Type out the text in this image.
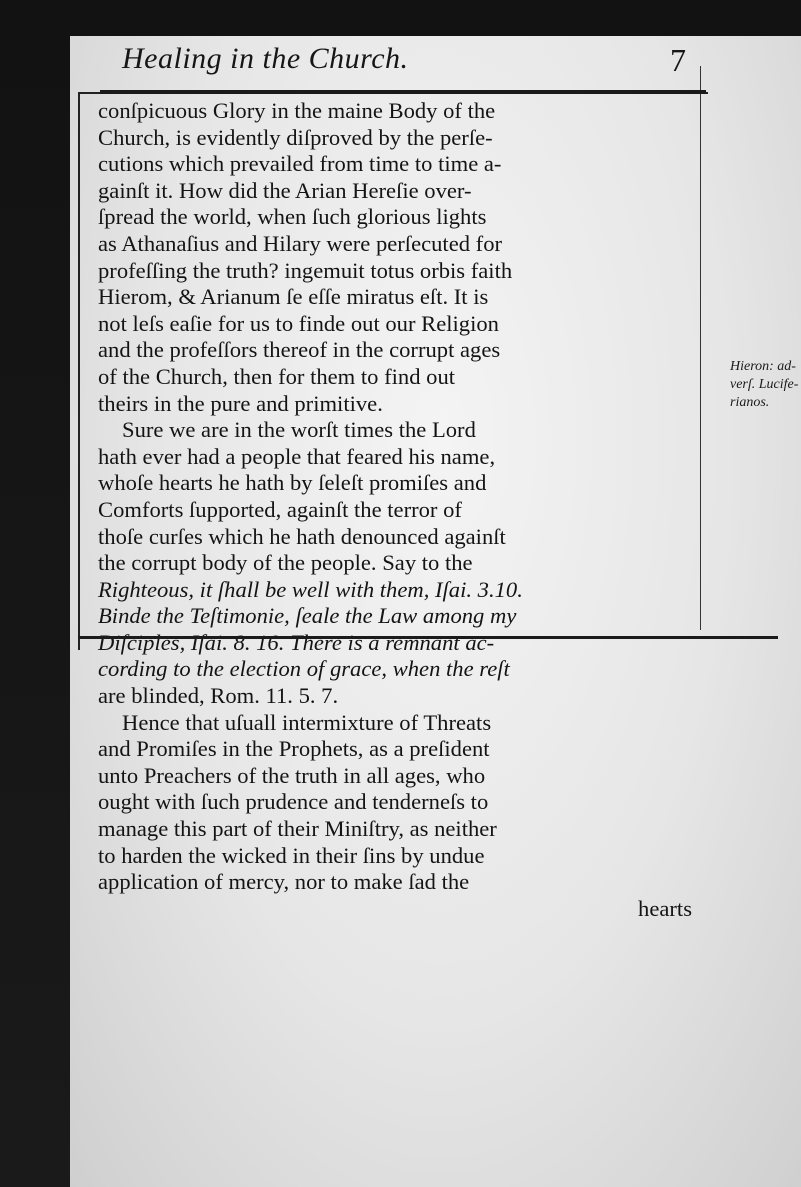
Healing in the Church.	7
conſpicuous Glory in the maine Body of the
Church, is evidently diſproved by the perſe-
cutions which prevailed from time to time a-
gainſt it. How did the Arian Hereſie over-
ſpread the world, when ſuch glorious lights
as Athanaſius and Hilary were perſecuted for
profeſſing the truth? ingemuit totus orbis faith
Hierom, & Arianum ſe eſſe miratus eſt. It is
not leſs eaſie for us to finde out our Religion
and the profeſſors thereof in the corrupt ages
of the Church, then for them to find out
theirs in the pure and primitive.
Sure we are in the worſt times the Lord
hath ever had a people that feared his name,
whoſe hearts he hath by ſeleſt promiſes and
Comforts ſupported, againſt the terror of
thoſe curſes which he hath denounced againſt
the corrupt body of the people. Say to the
Righteous, it ſhall be well with them, Iſai. 3.10.
Binde the Teſtimonie, ſeale the Law among my
Diſciples, Iſai. 8. 16. There is a remnant ac-
cording to the election of grace, when the reſt
are blinded, Rom. 11. 5. 7.
Hence that uſuall intermixture of Threats
and Promiſes in the Prophets, as a preſident
unto Preachers of the truth in all ages, who
ought with ſuch prudence and tenderneſs to
manage this part of their Miniſtry, as neither
to harden the wicked in their ſins by undue
application of mercy, nor to make ſad the
hearts
Hieron: ad-
verſ. Lucife-
rianos.
